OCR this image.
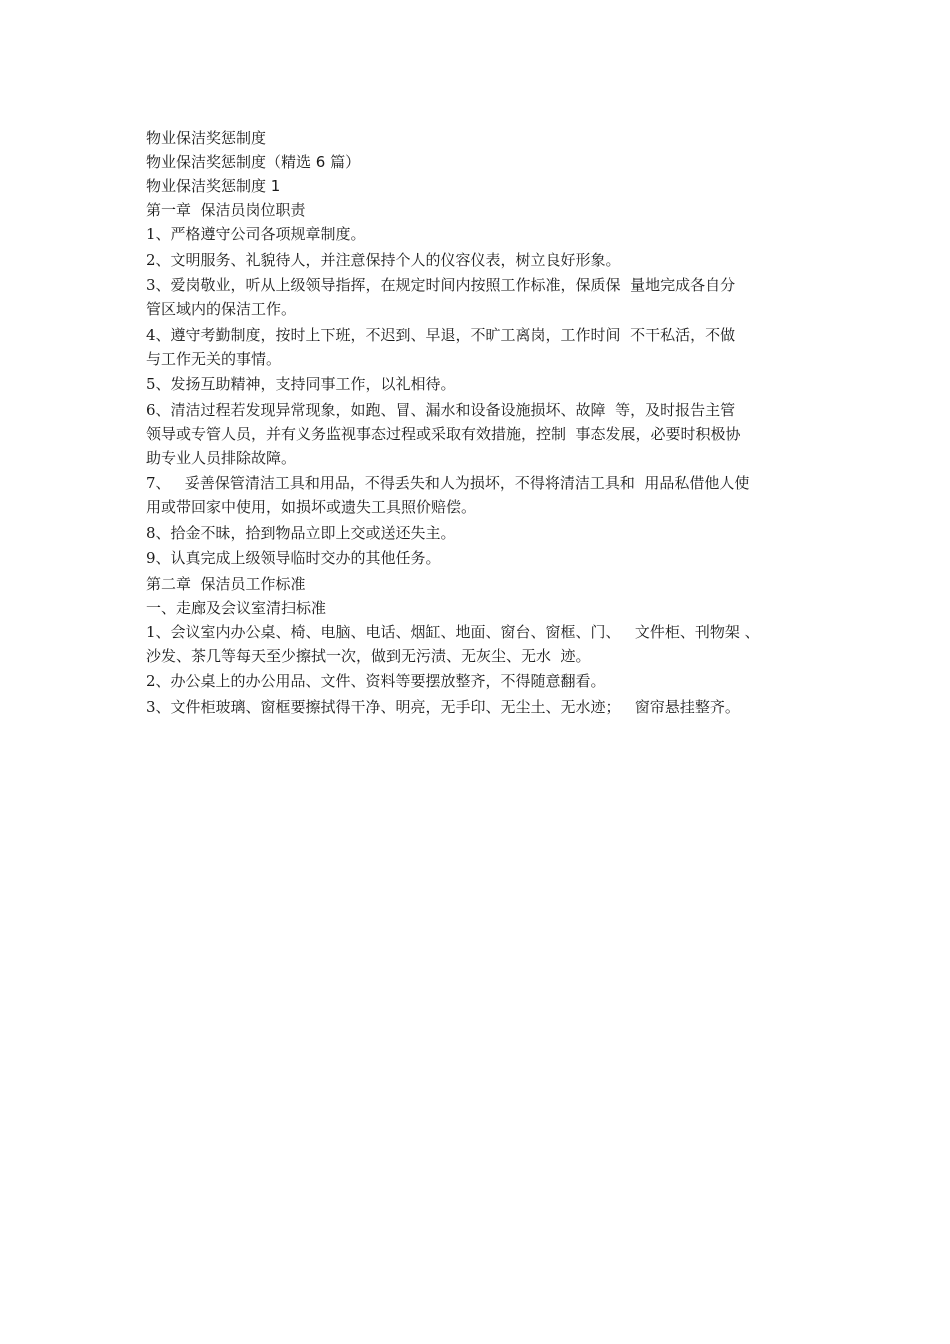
物业保洁奖惩制度

物业保洁奖惩制度（精选 6 篇）

物业保洁奖惩制度 1

第一章  保洁员岗位职责

1、严格遵守公司各项规章制度。

2、文明服务、礼貌待人，并注意保持个人的仪容仪表，树立良好形象。

3、爱岗敬业，听从上级领导指挥，在规定时间内按照工作标准，保质保  量地完成各自分

管区域内的保洁工作。

4、遵守考勤制度，按时上下班，不迟到、早退，不旷工离岗，工作时间  不干私活，不做

与工作无关的事情。

5、发扬互助精神，支持同事工作，以礼相待。

6、清洁过程若发现异常现象，如跑、冒、漏水和设备设施损坏、故障  等，及时报告主管

领导或专管人员，并有义务监视事态过程或采取有效措施，控制  事态发展，必要时积极协

助专业人员排除故障。

7、   妥善保管清洁工具和用品，不得丢失和人为损坏，不得将清洁工具和  用品私借他人使

用或带回家中使用，如损坏或遗失工具照价赔偿。

8、拾金不昧，拾到物品立即上交或送还失主。

9、认真完成上级领导临时交办的其他任务。

第二章  保洁员工作标准

一、走廊及会议室清扫标准

1、会议室内办公桌、椅、电脑、电话、烟缸、地面、窗台、窗框、门、   文件柜、刊物架 、

沙发、茶几等每天至少擦拭一次，做到无污渍、无灰尘、无水  迹。

2、办公桌上的办公用品、文件、资料等要摆放整齐，不得随意翻看。

3、文件柜玻璃、窗框要擦拭得干净、明亮，无手印、无尘土、无水迹；   窗帘悬挂整齐。
